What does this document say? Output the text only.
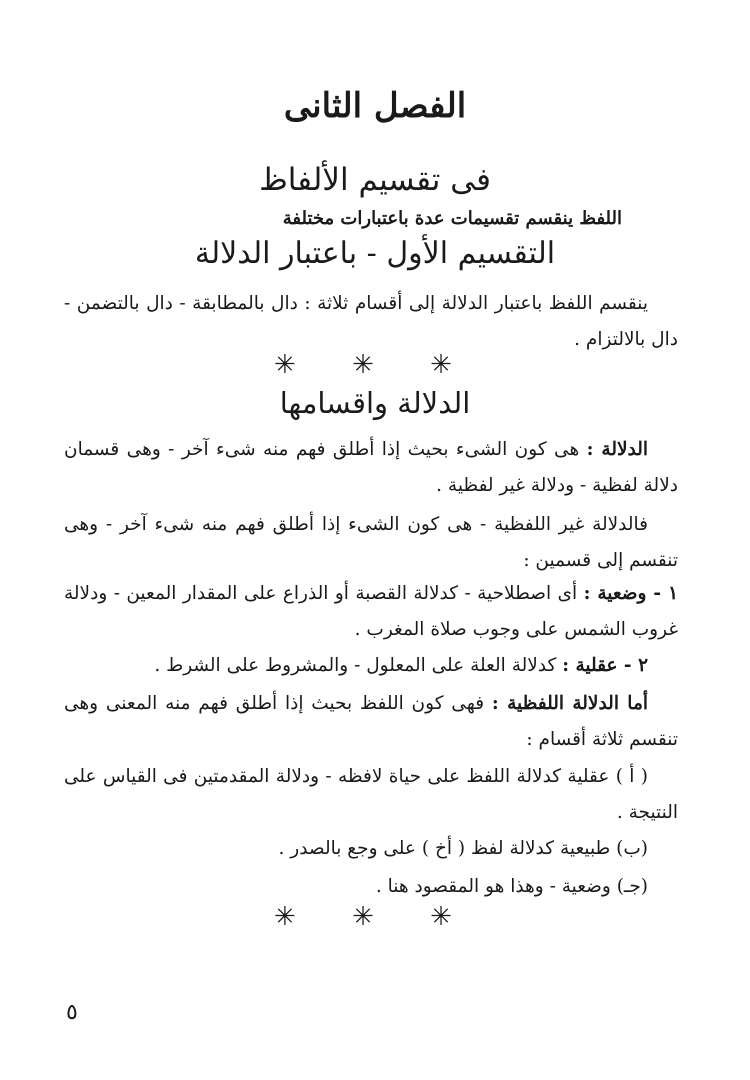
الفصل الثانى
فى تقسيم الألفاظ
اللفظ ينقسم تقسيمات عدة باعتبارات مختلفة
التقسيم الأول - باعتبار الدلالة
ينقسم اللفظ باعتبار الدلالة إلى أقسام ثلاثة : دال بالمطابقة - دال بالتضمن - دال بالالتزام .
✳ ✳ ✳
الدلالة واقسامها
الدلالة : هى كون الشىء بحيث إذا أطلق فهم منه شىء آخر - وهى قسمان دلالة لفظية - ودلالة غير لفظية .
فالدلالة غير اللفظية - هى كون الشىء إذا أطلق فهم منه شىء آخر - وهى تنقسم إلى قسمين :
١ - وضعية : أى اصطلاحية - كدلالة القصبة أو الذراع على المقدار المعين - ودلالة غروب الشمس على وجوب صلاة المغرب .
٢ - عقلية : كدلالة العلة على المعلول - والمشروط على الشرط .
أما الدلالة اللفظية : فهى كون اللفظ بحيث إذا أطلق فهم منه المعنى وهى تنقسم ثلاثة أقسام :
( أ ) عقلية كدلالة اللفظ على حياة لافظه - ودلالة المقدمتين فى القياس على النتيجة .
(ب) طبيعية كدلالة لفظ ( أخ ) على وجع بالصدر .
(جـ) وضعية - وهذا هو المقصود هنا .
✳ ✳ ✳
٥
